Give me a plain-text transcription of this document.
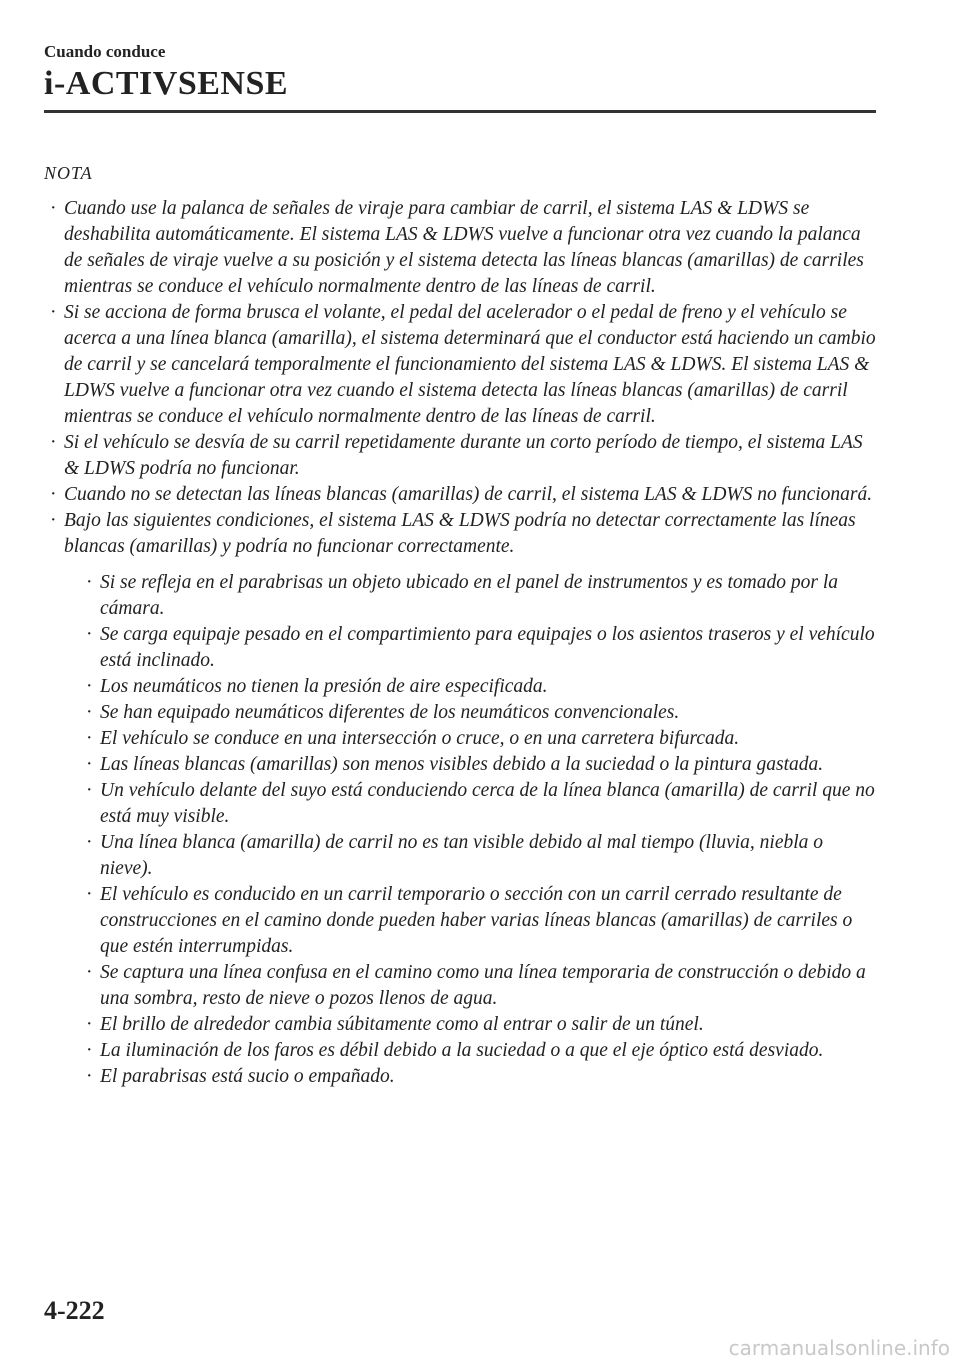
Cuando conduce

i-ACTIVSENSE

NOTA

· Cuando use la palanca de señales de viraje para cambiar de carril, el sistema LAS & LDWS se deshabilita automáticamente. El sistema LAS & LDWS vuelve a funcionar otra vez cuando la palanca de señales de viraje vuelve a su posición y el sistema detecta las líneas blancas (amarillas) de carriles mientras se conduce el vehículo normalmente dentro de las líneas de carril.
· Si se acciona de forma brusca el volante, el pedal del acelerador o el pedal de freno y el vehículo se acerca a una línea blanca (amarilla), el sistema determinará que el conductor está haciendo un cambio de carril y se cancelará temporalmente el funcionamiento del sistema LAS & LDWS. El sistema LAS & LDWS vuelve a funcionar otra vez cuando el sistema detecta las líneas blancas (amarillas) de carril mientras se conduce el vehículo normalmente dentro de las líneas de carril.
· Si el vehículo se desvía de su carril repetidamente durante un corto período de tiempo, el sistema LAS & LDWS podría no funcionar.
· Cuando no se detectan las líneas blancas (amarillas) de carril, el sistema LAS & LDWS no funcionará.
· Bajo las siguientes condiciones, el sistema LAS & LDWS podría no detectar correctamente las líneas blancas (amarillas) y podría no funcionar correctamente.
· Si se refleja en el parabrisas un objeto ubicado en el panel de instrumentos y es tomado por la cámara.
· Se carga equipaje pesado en el compartimiento para equipajes o los asientos traseros y el vehículo está inclinado.
· Los neumáticos no tienen la presión de aire especificada.
· Se han equipado neumáticos diferentes de los neumáticos convencionales.
· El vehículo se conduce en una intersección o cruce, o en una carretera bifurcada.
· Las líneas blancas (amarillas) son menos visibles debido a la suciedad o la pintura gastada.
· Un vehículo delante del suyo está conduciendo cerca de la línea blanca (amarilla) de carril que no está muy visible.
· Una línea blanca (amarilla) de carril no es tan visible debido al mal tiempo (lluvia, niebla o nieve).
· El vehículo es conducido en un carril temporario o sección con un carril cerrado resultante de construcciones en el camino donde pueden haber varias líneas blancas (amarillas) de carriles o que estén interrumpidas.
· Se captura una línea confusa en el camino como una línea temporaria de construcción o debido a una sombra, resto de nieve o pozos llenos de agua.
· El brillo de alrededor cambia súbitamente como al entrar o salir de un túnel.
· La iluminación de los faros es débil debido a la suciedad o a que el eje óptico está desviado.
· El parabrisas está sucio o empañado.

4-222

carmanualsonline.info
